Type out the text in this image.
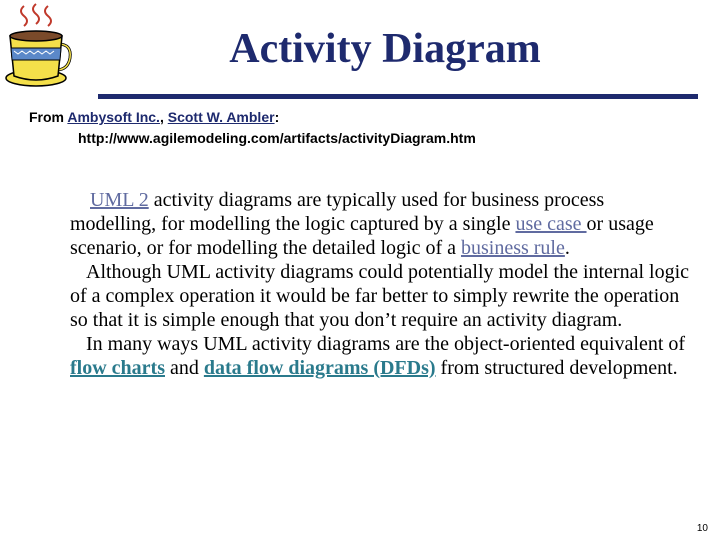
Activity Diagram
From Ambysoft Inc., Scott W. Ambler:
http://www.agilemodeling.com/artifacts/activityDiagram.htm

UML 2 activity diagrams are typically used for business process modelling, for modelling the logic captured by a single use case or usage scenario, or for modelling the detailed logic of a business rule.

Although UML activity diagrams could potentially model the internal logic of a complex operation it would be far better to simply rewrite the operation so that it is simple enough that you don’t require an activity diagram.

In many ways UML activity diagrams are the object-oriented equivalent of flow charts and data flow diagrams (DFDs) from structured development.

10
